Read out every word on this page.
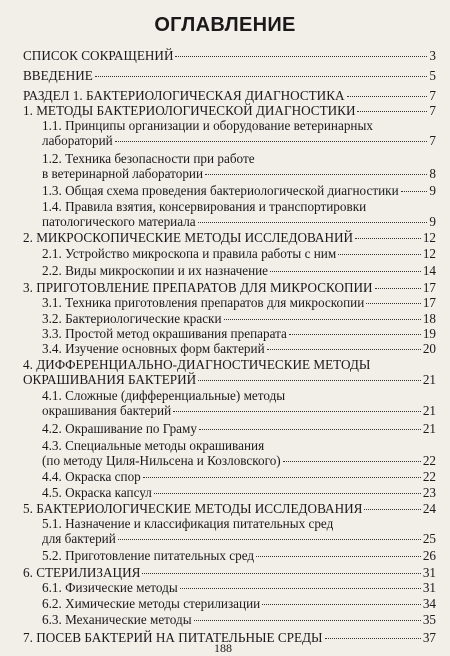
ОГЛАВЛЕНИЕ
СПИСОК СОКРАЩЕНИЙ	3
ВВЕДЕНИЕ	5
РАЗДЕЛ 1. БАКТЕРИОЛОГИЧЕСКАЯ ДИАГНОСТИКА	7
1. МЕТОДЫ БАКТЕРИОЛОГИЧЕСКОЙ ДИАГНОСТИКИ	7
1.1. Принципы организации и оборудование ветеринарных
лабораторий	7
1.2. Техника безопасности при работе
в ветеринарной лаборатории	8
1.3. Общая схема проведения бактериологической диагностики 9
1.4. Правила взятия, консервирования и транспортировки
патологического материала	9
2. МИКРОСКОПИЧЕСКИЕ МЕТОДЫ ИССЛЕДОВАНИЙ	12
2.1. Устройство микроскопа и правила работы с ним	12
2.2. Виды микроскопии и их назначение	14
3. ПРИГОТОВЛЕНИЕ ПРЕПАРАТОВ ДЛЯ МИКРОСКОПИИ	17
3.1. Техника приготовления препаратов для микроскопии	17
3.2. Бактериологические краски	18
3.3. Простой метод окрашивания препарата	19
3.4. Изучение основных форм бактерий	20
4. ДИФФЕРЕНЦИАЛЬНО-ДИАГНОСТИЧЕСКИЕ МЕТОДЫ
ОКРАШИВАНИЯ БАКТЕРИЙ	21
4.1. Сложные (дифференциальные) методы
окрашивания бактерий	21
4.2. Окрашивание по Граму	21
4.3. Специальные методы окрашивания
(по методу Циля-Нильсена и Козловского)	22
4.4. Окраска спор	22
4.5. Окраска капсул	23
5. БАКТЕРИОЛОГИЧЕСКИЕ МЕТОДЫ ИССЛЕДОВАНИЯ	24
5.1. Назначение и классификация питательных сред
для бактерий	25
5.2. Приготовление питательных сред	26
6. СТЕРИЛИЗАЦИЯ	31
6.1. Физические методы	31
6.2. Химические методы стерилизации	34
6.3. Механические методы	35
7. ПОСЕВ БАКТЕРИЙ НА ПИТАТЕЛЬНЫЕ СРЕДЫ	37
188
